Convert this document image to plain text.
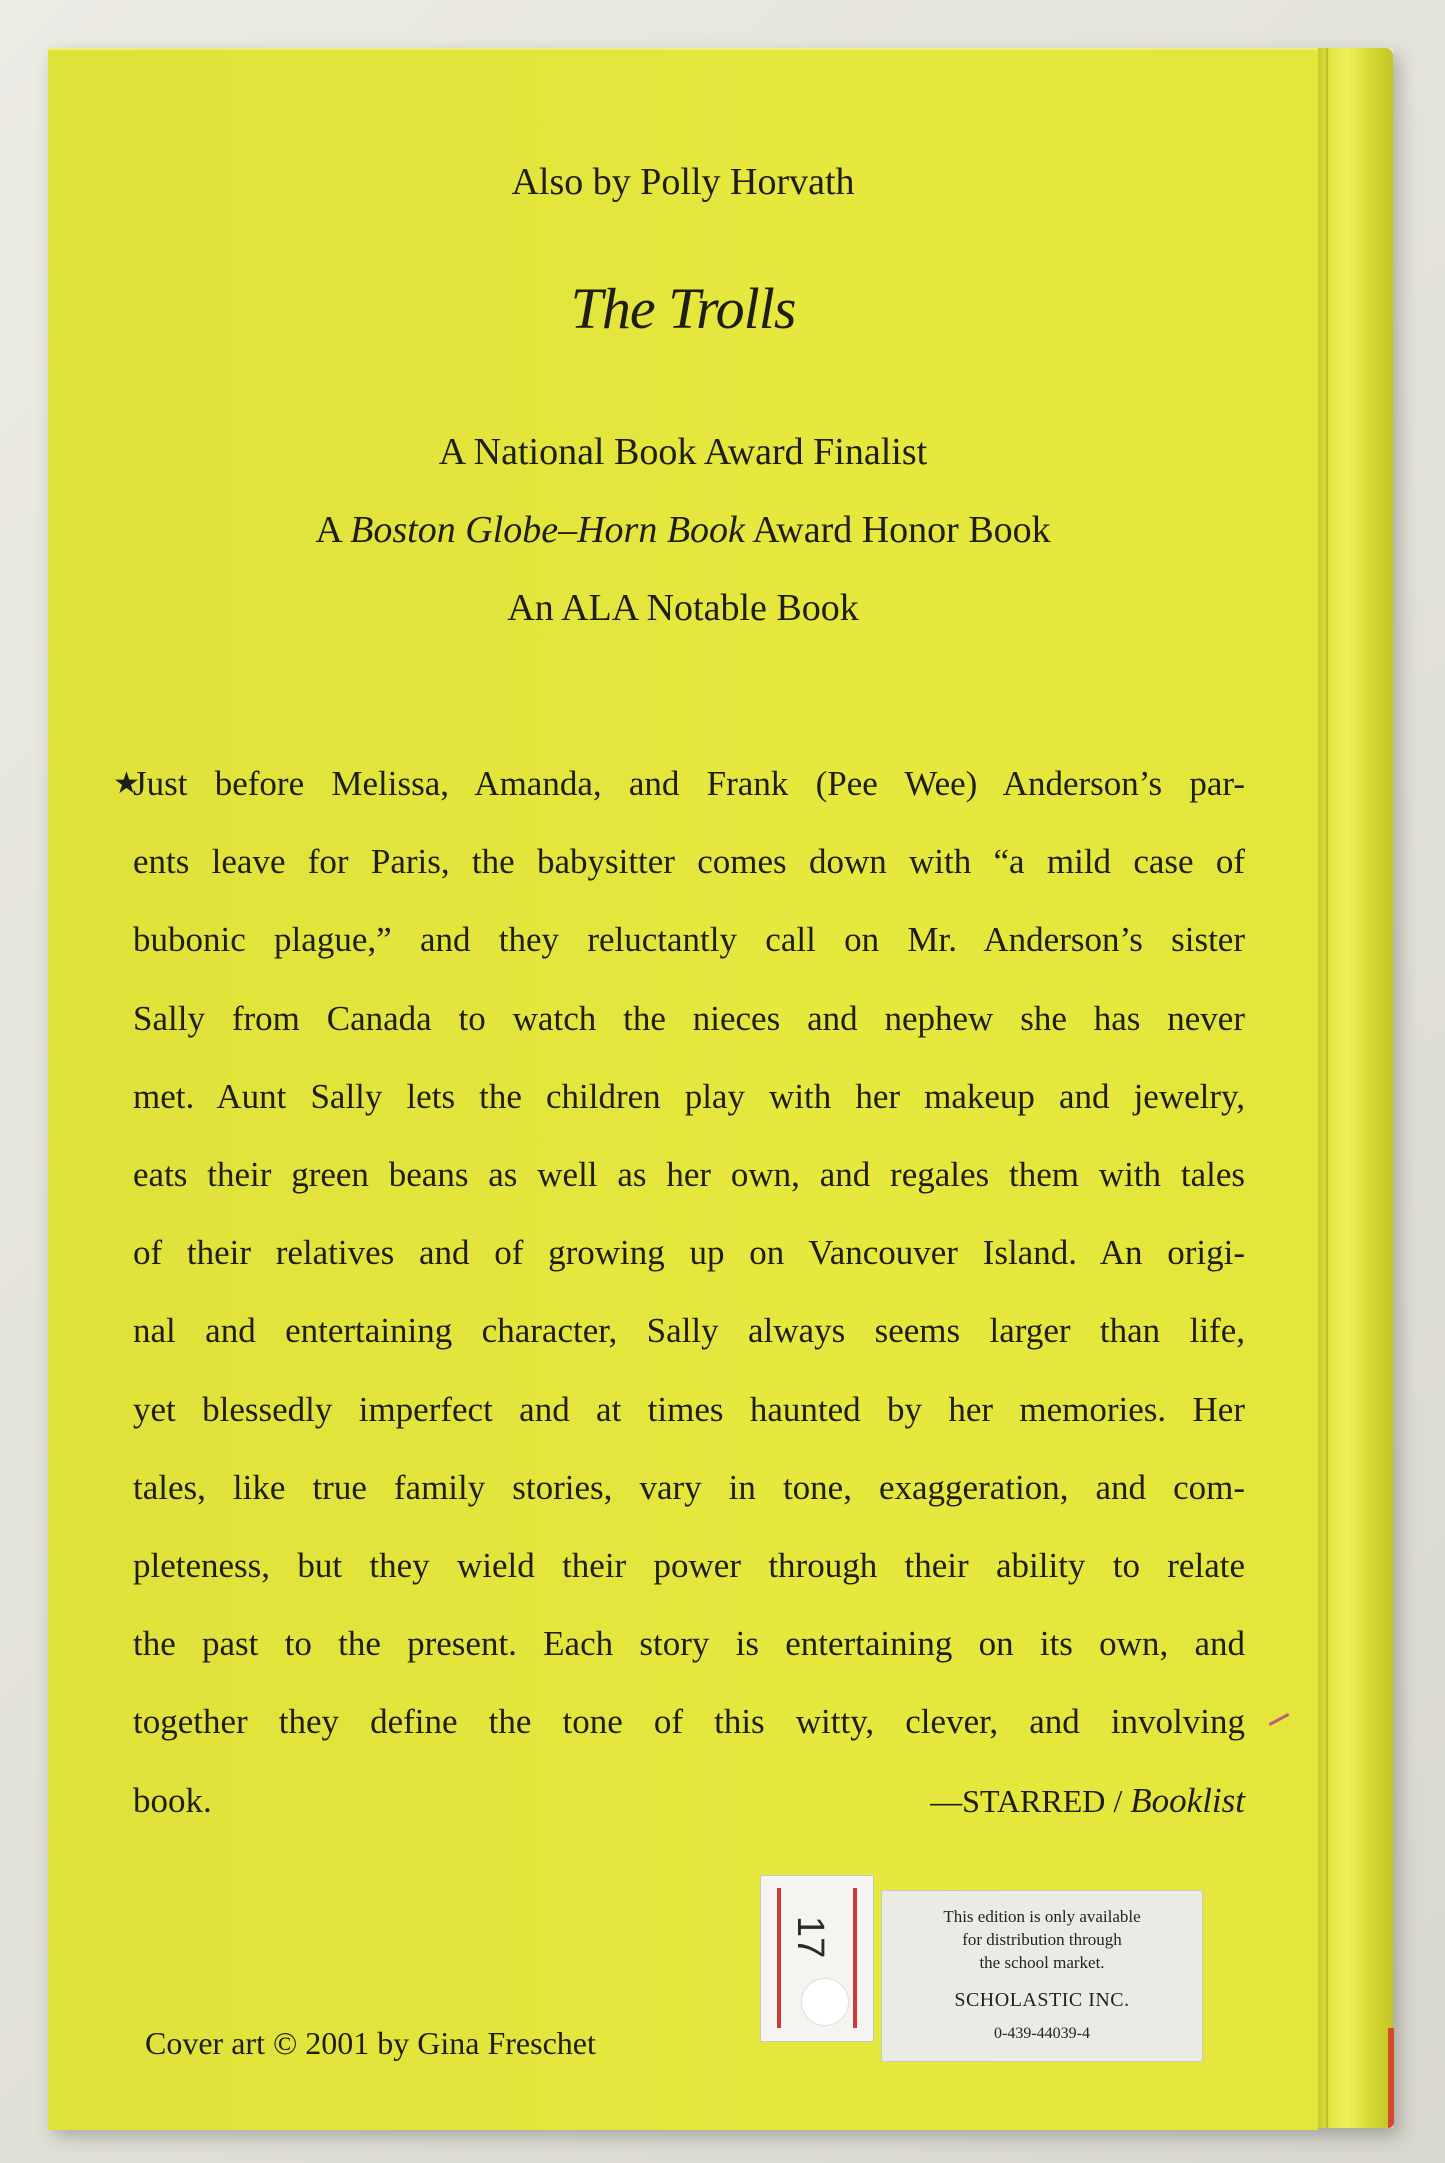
Also by Polly Horvath
The Trolls
A National Book Award Finalist
A Boston Globe–Horn Book Award Honor Book
An ALA Notable Book
★
Just before Melissa, Amanda, and Frank (Pee Wee) Anderson’s par-
ents leave for Paris, the babysitter comes down with “a mild case of
bubonic plague,” and they reluctantly call on Mr. Anderson’s sister
Sally from Canada to watch the nieces and nephew she has never
met. Aunt Sally lets the children play with her makeup and jewelry,
eats their green beans as well as her own, and regales them with tales
of their relatives and of growing up on Vancouver Island. An origi-
nal and entertaining character, Sally always seems larger than life,
yet blessedly imperfect and at times haunted by her memories. Her
tales, like true family stories, vary in tone, exaggeration, and com-
pleteness, but they wield their power through their ability to relate
the past to the present. Each story is entertaining on its own, and
together they define the tone of this witty, clever, and involving
book.	—STARRED / Booklist
Cover art © 2001 by Gina Freschet
17	This edition is only available
for distribution through
the school market.
SCHOLASTIC INC.
0-439-44039-4
